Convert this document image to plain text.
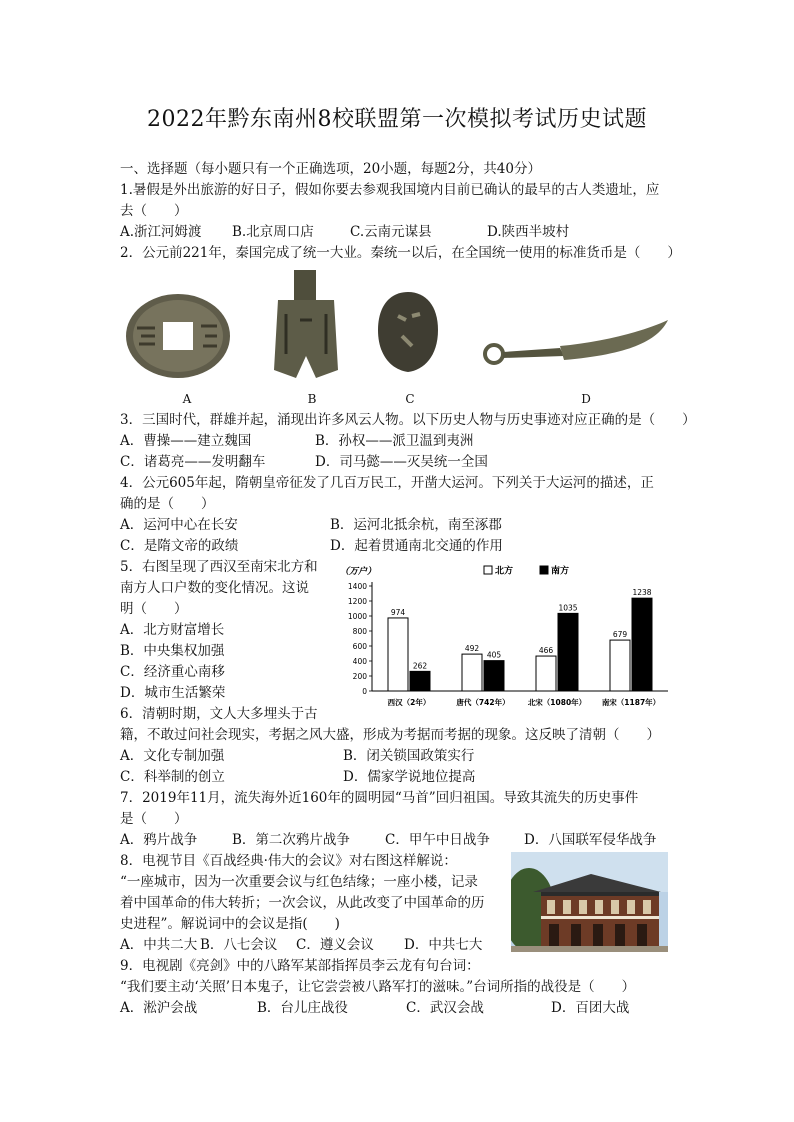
2022年黔东南州8校联盟第一次模拟考试历史试题
一、选择题（每小题只有一个正确选项，20小题，每题2分，共40分）
1.暑假是外出旅游的好日子，假如你要去参观我国境内目前已确认的最早的古人类遗址，应
去（　　）
A.浙江河姆渡 B.北京周口店	C.云南元谋县	D.陕西半坡村
2．公元前221年，秦国完成了统一大业。秦统一以后，在全国统一使用的标准货币是（　　）
A	B	C	D
3．三国时代，群雄并起，涌现出许多风云人物。以下历史人物与历史事迹对应正确的是（　　）
A．曹操——建立魏国	B．孙权——派卫温到夷洲
C．诸葛亮——发明翻车	D．司马懿——灭吴统一全国
4．公元605年起，隋朝皇帝征发了几百万民工，开凿大运河。下列关于大运河的描述，正
确的是（　　）
A．运河中心在长安	B．运河北抵余杭，南至涿郡
C．是隋文帝的政绩	D．起着贯通南北交通的作用
5．右图呈现了西汉至南宋北方和
南方人口户数的变化情况。这说
明（　　）
A．北方财富增长
B．中央集权加强
C．经济重心南移
D．城市生活繁荣
（万户）
0
200
400
600
800
1000
1200
1400
974
262
西汉（2年）
492
405
唐代（742年）
466
1035
北宋（1080年）
679
1238
南宋（1187年）
北方	南方
6．清朝时期，文人大多埋头于古
籍，不敢过问社会现实，考据之风大盛，形成为考据而考据的现象。这反映了清朝（　　）
A．文化专制加强	B．闭关锁国政策实行
C．科举制的创立	D．儒家学说地位提高
7．2019年11月，流失海外近160年的圆明园“马首”回归祖国。导致其流失的历史事件
是（　　）
A．鸦片战争	B．第二次鸦片战争	C．甲午中日战争	D．八国联军侵华战争
8．电视节目《百战经典·伟大的会议》对右图这样解说：
“一座城市，因为一次重要会议与红色结缘；一座小楼，记录
着中国革命的伟大转折；一次会议，从此改变了中国革命的历
史进程”。解说词中的会议是指(　　)
A．中共二大 B．八七会议 C．遵义会议 D．中共七大
9．电视剧《亮剑》中的八路军某部指挥员李云龙有句台词：
“我们要主动‘关照’日本鬼子，让它尝尝被八路军打的滋味。”台词所指的战役是（　　）
A．淞沪会战	B．台儿庄战役	C．武汉会战	D．百团大战
